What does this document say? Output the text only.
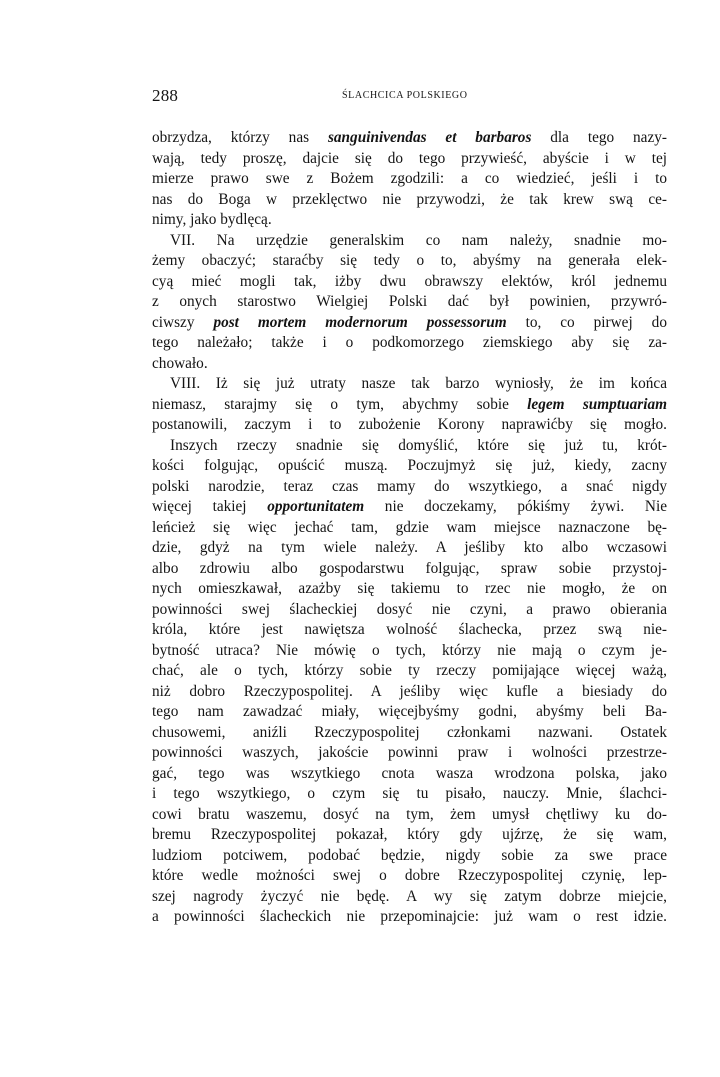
288	ŚLACHCICA POLSKIEGO
obrzydza, którzy nas sanguinivendas et barbaros dla tego nazy-
wają, tedy proszę, dajcie się do tego przywieść, abyście i w tej
mierze prawo swe z Bożem zgodzili: a co wiedzieć, jeśli i to
nas do Boga w przeklęctwo nie przywodzi, że tak krew swą ce-
nimy, jako bydlęcą.
VII. Na urzędzie generalskim co nam należy, snadnie mo-
żemy obaczyć; staraćby się tedy o to, abyśmy na generała elek-
cyą mieć mogli tak, iżby dwu obrawszy elektów, król jednemu
z onych starostwo Wielgiej Polski dać był powinien, przywró-
ciwszy post mortem modernorum possessorum to, co pirwej do
tego należało; także i o podkomorzego ziemskiego aby się za-
chowało.
VIII. Iż się już utraty nasze tak barzo wyniosły, że im końca
niemasz, starajmy się o tym, abychmy sobie legem sumptuariam
postanowili, zaczym i to zubożenie Korony naprawićby się mogło.
Inszych rzeczy snadnie się domyślić, które się już tu, krót-
kości folgując, opuścić muszą. Poczujmyż się już, kiedy, zacny
polski narodzie, teraz czas mamy do wszytkiego, a snać nigdy
więcej takiej opportunitatem nie doczekamy, pókiśmy żywi. Nie
leńcież się więc jechać tam, gdzie wam miejsce naznaczone bę-
dzie, gdyż na tym wiele należy. A jeśliby kto albo wczasowi
albo zdrowiu albo gospodarstwu folgując, spraw sobie przystoj-
nych omieszkawał, azażby się takiemu to rzec nie mogło, że on
powinności swej ślacheckiej dosyć nie czyni, a prawo obierania
króla, które jest nawiętsza wolność ślachecka, przez swą nie-
bytność utraca? Nie mówię o tych, którzy nie mają o czym je-
chać, ale o tych, którzy sobie ty rzeczy pomijające więcej ważą,
niż dobro Rzeczypospolitej. A jeśliby więc kufle a biesiady do
tego nam zawadzać miały, więcejbyśmy godni, abyśmy beli Ba-
chusowemi, aniźli Rzeczypospolitej członkami nazwani. Ostatek
powinności waszych, jakoście powinni praw i wolności przestrze-
gać, tego was wszytkiego cnota wasza wrodzona polska, jako
i tego wszytkiego, o czym się tu pisało, nauczy. Mnie, ślachci-
cowi bratu waszemu, dosyć na tym, żem umysł chętliwy ku do-
bremu Rzeczypospolitej pokazał, który gdy ujźrzę, że się wam,
ludziom potciwem, podobać będzie, nigdy sobie za swe prace
które wedle możności swej o dobre Rzeczypospolitej czynię, lep-
szej nagrody życzyć nie będę. A wy się zatym dobrze miejcie,
a powinności ślacheckich nie przepominajcie: już wam o rest idzie.
